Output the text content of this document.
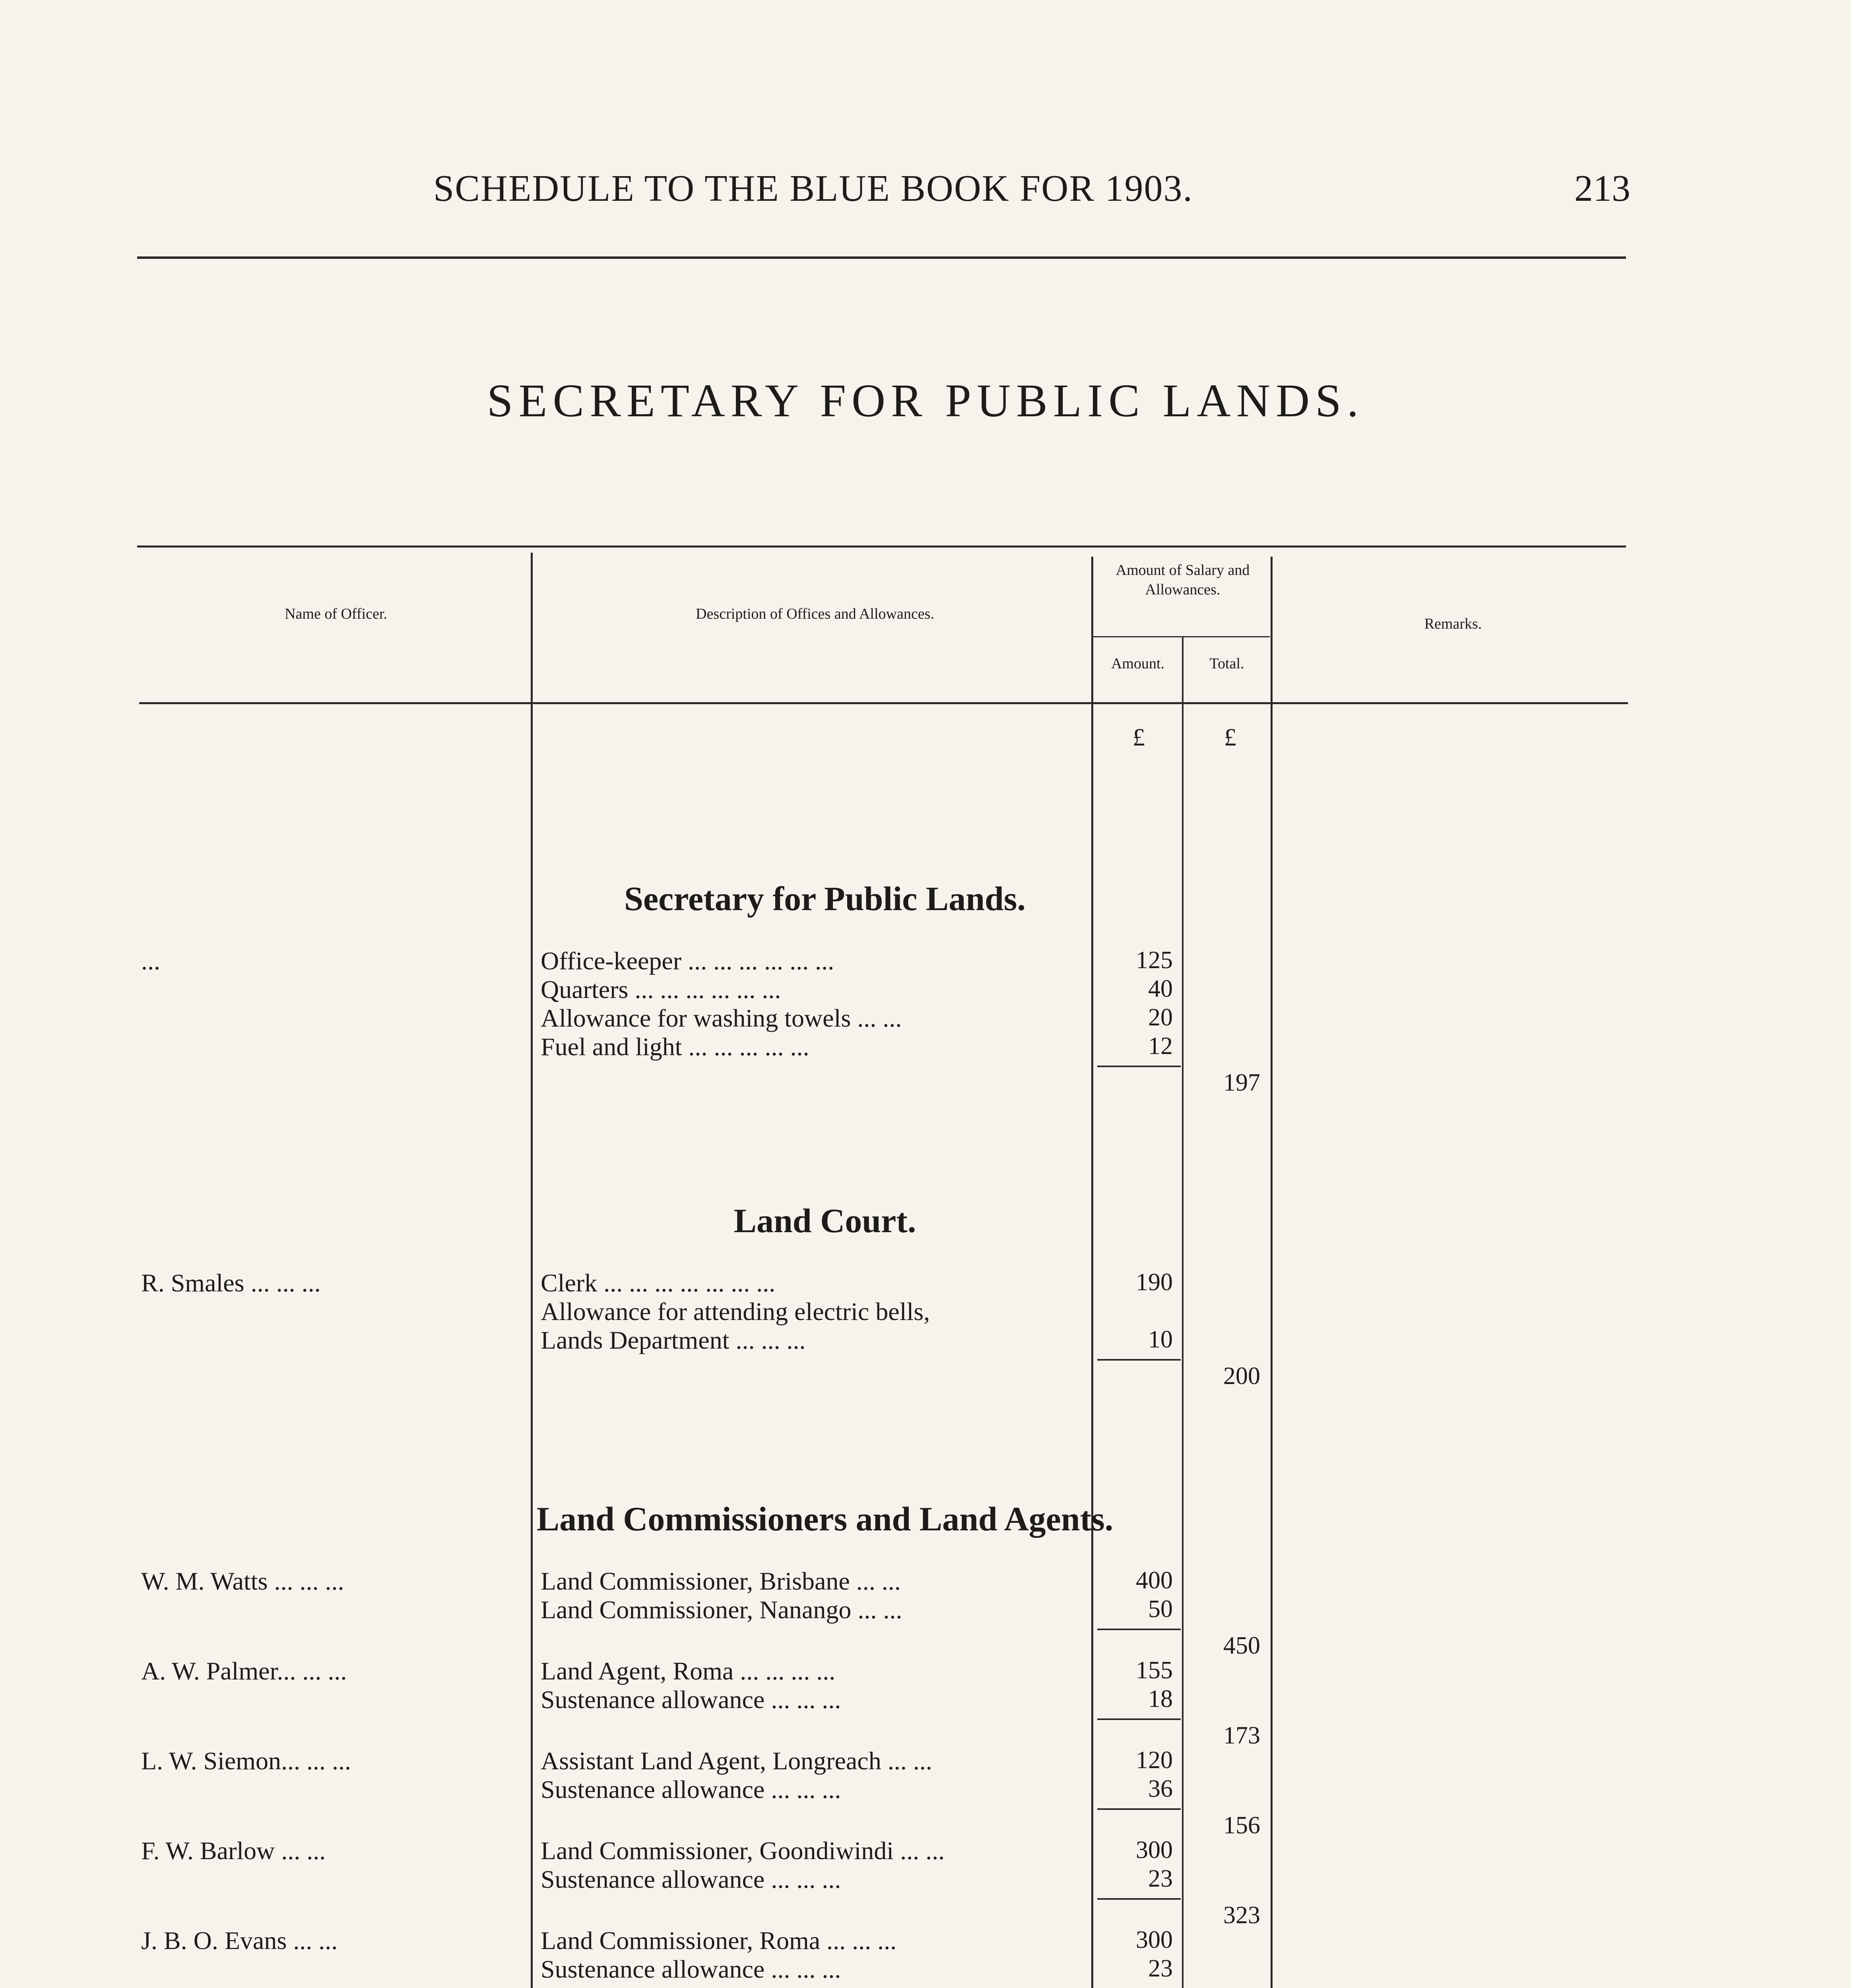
SCHEDULE TO THE BLUE BOOK FOR 1903.	213
SECRETARY FOR PUBLIC LANDS.
Name of Officer.	Description of Offices and Allowances.
Amount of Salary and Allowances.
Amount.	Total.
Remarks.
£	£
Secretary for Public Lands.
...	Office-keeper ... ... ... ... ... ...	125
Quarters ... ... ... ... ... ...	40
Allowance for washing towels ... ...	20
Fuel and light ... ... ... ... ...	12
197
Land Court.
R. Smales ... ... ...	Clerk ... ... ... ... ... ... ...	190
Allowance for attending electric bells,
Lands Department ... ... ...	10
200
Land Commissioners and Land Agents.
W. M. Watts ... ... ...	Land Commissioner, Brisbane ... ...	400
Land Commissioner, Nanango ... ...	50
450
A. W. Palmer... ... ...	Land Agent, Roma ... ... ... ...	155
Sustenance allowance ... ... ...	18
173
L. W. Siemon... ... ...	Assistant Land Agent, Longreach ... ...	120
Sustenance allowance ... ... ...	36
156
F. W. Barlow ... ...	Land Commissioner, Goondiwindi ... ...	300
Sustenance allowance ... ... ...	23
323
J. B. O. Evans ... ...	Land Commissioner, Roma ... ... ...	300
Sustenance allowance ... ... ...	23
